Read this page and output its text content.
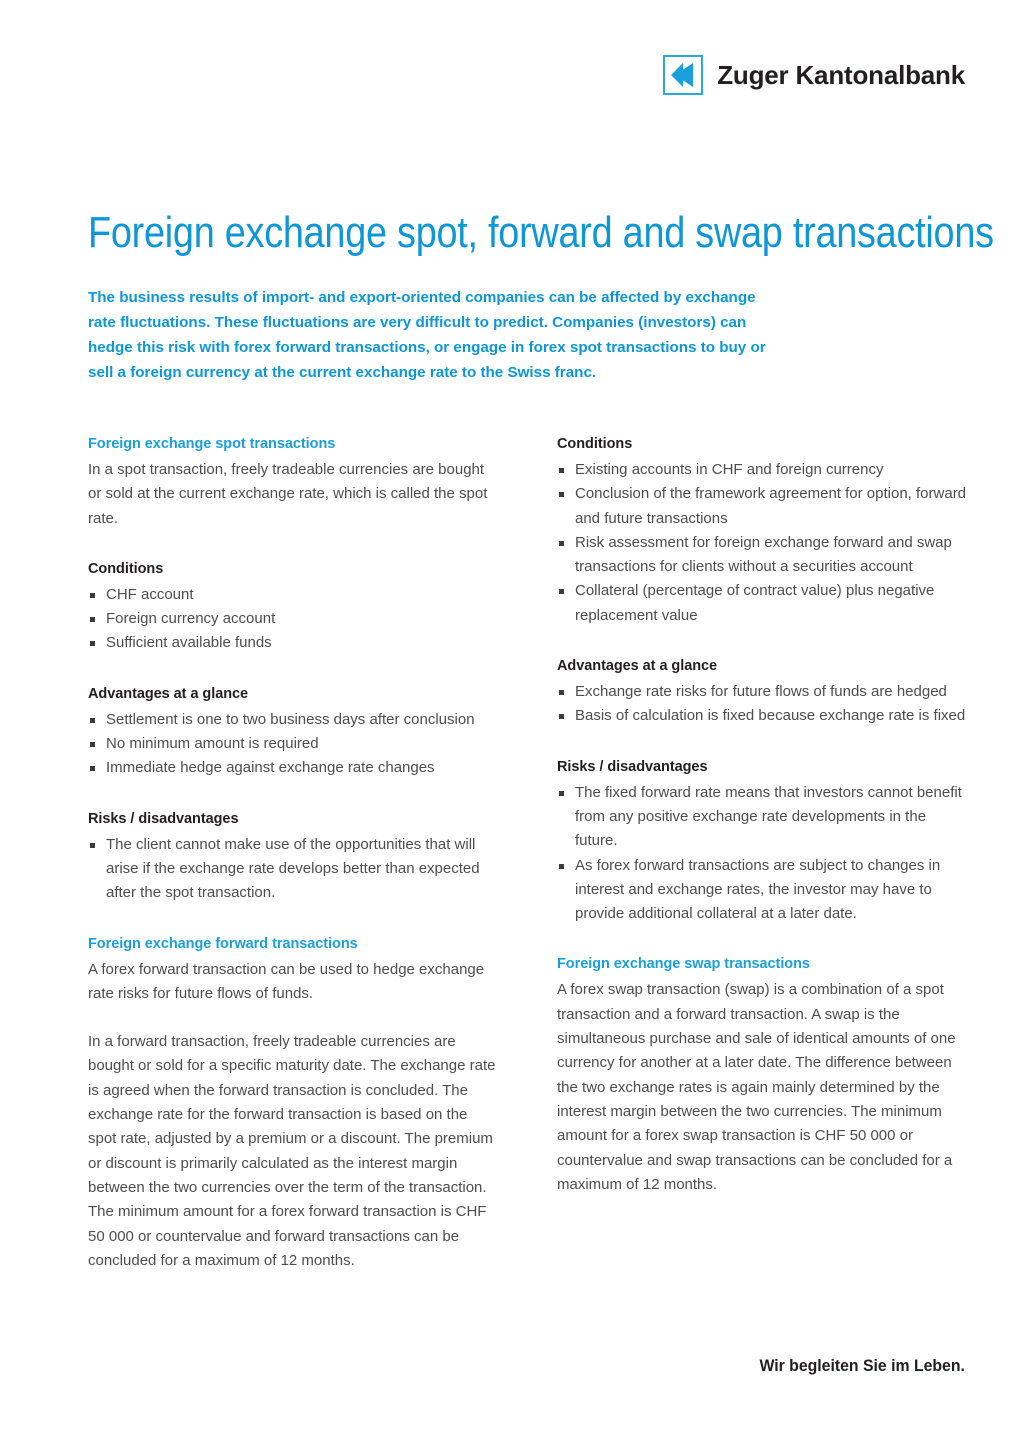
Zuger Kantonalbank
Foreign exchange spot, forward and swap transactions

The business results of import- and export-oriented companies can be affected by exchange rate fluctuations. These fluctuations are very difficult to predict. Companies (investors) can hedge this risk with forex forward transactions, or engage in forex spot transactions to buy or sell a foreign currency at the current exchange rate to the Swiss franc.

Foreign exchange spot transactions

In a spot transaction, freely tradeable currencies are bought or sold at the current exchange rate, which is called the spot rate.

Conditions
CHF account
Foreign currency account
Sufficient available funds
Advantages at a glance
Settlement is one to two business days after conclusion
No minimum amount is required
Immediate hedge against exchange rate changes
Risks / disadvantages
The client cannot make use of the opportunities that will arise if the exchange rate develops better than expected after the spot transaction.
Foreign exchange forward transactions

A forex forward transaction can be used to hedge exchange rate risks for future flows of funds.

In a forward transaction, freely tradeable currencies are bought or sold for a specific maturity date. The exchange rate is agreed when the forward transaction is concluded. The exchange rate for the forward transaction is based on the spot rate, adjusted by a premium or a discount. The premium or discount is primarily calculated as the interest margin between the two currencies over the term of the transaction. The minimum amount for a forex forward transaction is CHF 50 000 or countervalue and forward transactions can be concluded for a maximum of 12 months.

Conditions
Existing accounts in CHF and foreign currency
Conclusion of the framework agreement for option, forward and future transactions
Risk assessment for foreign exchange forward and swap transactions for clients without a securities account
Collateral (percentage of contract value) plus negative replacement value
Advantages at a glance
Exchange rate risks for future flows of funds are hedged
Basis of calculation is fixed because exchange rate is fixed
Risks / disadvantages
The fixed forward rate means that investors cannot benefit from any positive exchange rate developments in the future.
As forex forward transactions are subject to changes in interest and exchange rates, the investor may have to provide additional collateral at a later date.
Foreign exchange swap transactions

A forex swap transaction (swap) is a combination of a spot transaction and a forward transaction. A swap is the simultaneous purchase and sale of identical amounts of one currency for another at a later date. The difference between the two exchange rates is again mainly determined by the interest margin between the two currencies. The minimum amount for a forex swap transaction is CHF 50 000 or countervalue and swap transactions can be concluded for a maximum of 12 months.

Wir begleiten Sie im Leben.
